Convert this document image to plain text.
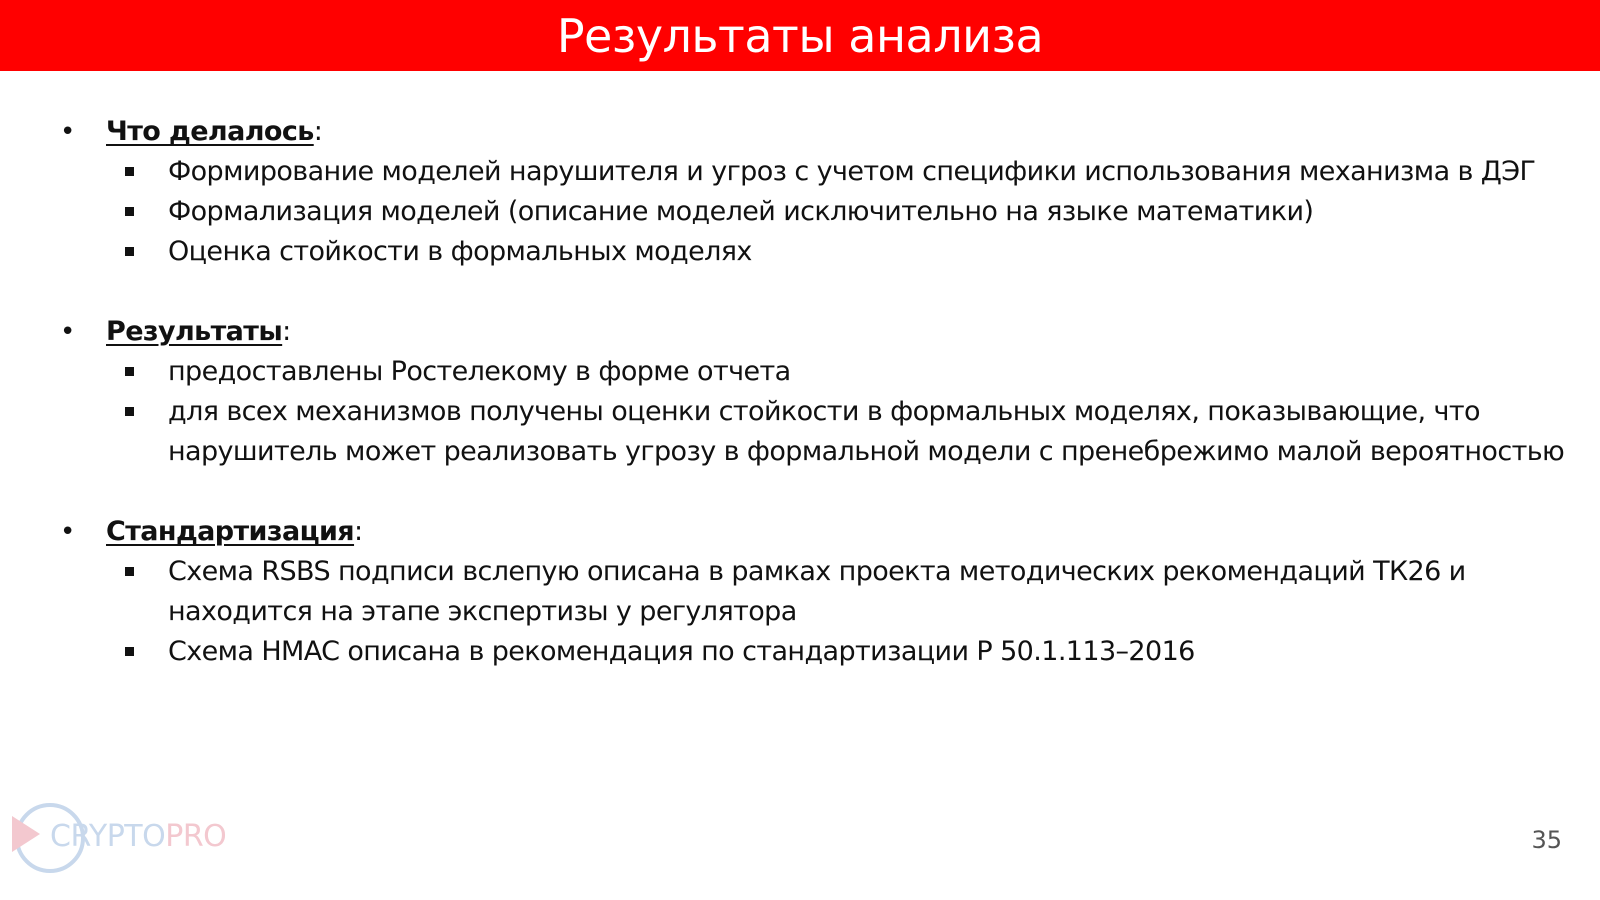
Результаты анализа
• Что делалось:
Формирование моделей нарушителя и угроз с учетом специфики использования механизма в ДЭГ
Формализация моделей (описание моделей исключительно на языке математики)
Оценка стойкости в формальных моделях
• Результаты:
предоставлены Ростелекому в форме отчета
для всех механизмов получены оценки стойкости в формальных моделях, показывающие, что нарушитель может реализовать угрозу в формальной модели с пренебрежимо малой вероятностью
• Стандартизация:
Схема RSBS подписи вслепую описана в рамках проекта методических рекомендаций ТК26 и находится на этапе экспертизы у регулятора
Схема HMAC описана в рекомендация по стандартизации Р 50.1.113–2016
CRYPTOPRO	35
